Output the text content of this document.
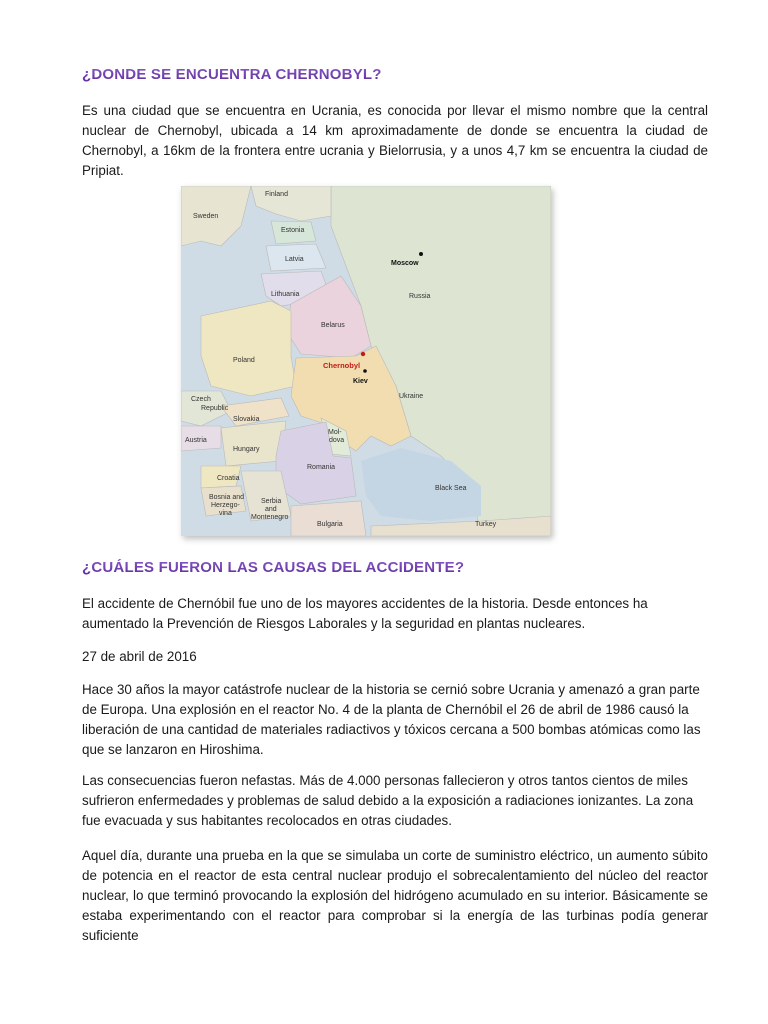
¿DONDE SE ENCUENTRA CHERNOBYL?

Es una ciudad que se encuentra en Ucrania, es conocida por llevar el mismo nombre que la central nuclear de Chernobyl, ubicada a 14 km aproximadamente de donde se encuentra la ciudad de Chernobyl, a 16km de la frontera entre ucrania y Bielorrusia, y a unos 4,7 km se encuentra la ciudad de Pripiat.

Finland
Sweden
Estonia
Latvia
Lithuania
Belarus
Poland
Czech
Republic
Slovakia
Austria
Hungary
Croatia
Bosnia and
Herzego-
vina
Serbia
and
Montenegro
Romania
Mol-
dova
Bulgaria
Ukraine
Russia
Black Sea
Turkey
Moscow
Chernobyl
Kiev
¿CUÁLES FUERON LAS CAUSAS DEL ACCIDENTE?

El accidente de Chernóbil fue uno de los mayores accidentes de la historia. Desde entonces ha aumentado la Prevención de Riesgos Laborales y la seguridad en plantas nucleares.

27 de abril de 2016

Hace 30 años la mayor catástrofe nuclear de la historia se cernió sobre Ucrania y amenazó a gran parte de Europa. Una explosión en el reactor No. 4 de la planta de Chernóbil el 26 de abril de 1986 causó la liberación de una cantidad de materiales radiactivos y tóxicos cercana a 500 bombas atómicas como las que se lanzaron en Hiroshima.

Las consecuencias fueron nefastas. Más de 4.000 personas fallecieron y otros tantos cientos de miles sufrieron enfermedades y problemas de salud debido a la exposición a radiaciones ionizantes. La zona fue evacuada y sus habitantes recolocados en otras ciudades.

Aquel día, durante una prueba en la que se simulaba un corte de suministro eléctrico, un aumento súbito de potencia en el reactor de esta central nuclear produjo el sobrecalentamiento del núcleo del reactor nuclear, lo que terminó provocando la explosión del hidrógeno acumulado en su interior. Básicamente se estaba experimentando con el reactor para comprobar si la energía de las turbinas podía generar suficiente
